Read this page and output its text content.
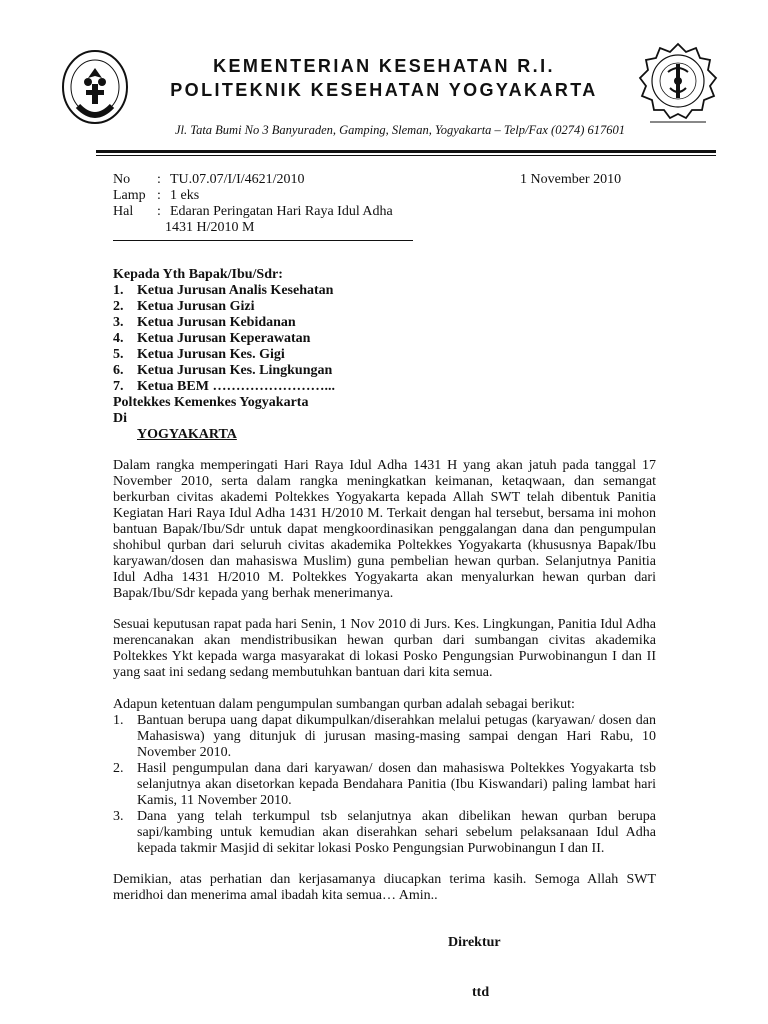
KEMENTERIAN KESEHATAN R.I.
POLITEKNIK KESEHATAN YOGYAKARTA
Jl. Tata Bumi No 3 Banyuraden, Gamping, Sleman, Yogyakarta – Telp/Fax (0274) 617601
No	: TU.07.07/I/I/4621/2010
Lamp : 1 eks
Hal	: Edaran Peringatan Hari Raya Idul Adha
1431 H/2010 M
1 November 2010
Kepada Yth Bapak/Ibu/Sdr:
1. Ketua Jurusan Analis Kesehatan
2. Ketua Jurusan Gizi
3. Ketua Jurusan Kebidanan
4. Ketua Jurusan Keperawatan
5. Ketua Jurusan Kes. Gigi
6. Ketua Jurusan Kes. Lingkungan
7. Ketua BEM ……………………...
Poltekkes Kemenkes Yogyakarta
Di
YOGYAKARTA

Dalam rangka memperingati Hari Raya Idul Adha 1431 H yang akan jatuh pada tanggal 17 November 2010, serta dalam rangka meningkatkan keimanan, ketaqwaan, dan semangat berkurban civitas akademi Poltekkes Yogyakarta kepada Allah SWT telah dibentuk Panitia Kegiatan Hari Raya Idul Adha 1431 H/2010 M. Terkait dengan hal tersebut, bersama ini mohon bantuan Bapak/Ibu/Sdr untuk dapat mengkoordinasikan penggalangan dana dan pengumpulan shohibul qurban dari seluruh civitas akademika Poltekkes Yogyakarta (khususnya Bapak/Ibu karyawan/dosen dan mahasiswa Muslim) guna pembelian hewan qurban. Selanjutnya Panitia Idul Adha 1431 H/2010 M. Poltekkes Yogyakarta akan menyalurkan hewan qurban dari Bapak/Ibu/Sdr kepada yang berhak menerimanya.

Sesuai keputusan rapat pada hari Senin, 1 Nov 2010 di Jurs. Kes. Lingkungan, Panitia Idul Adha merencanakan akan mendistribusikan hewan qurban dari sumbangan civitas akademika Poltekkes Ykt kepada warga masyarakat di lokasi Posko Pengungsian Purwobinangun I dan II yang saat ini sedang sedang membutuhkan bantuan dari kita semua.

Adapun ketentuan dalam pengumpulan sumbangan qurban adalah sebagai berikut:

1. Bantuan berupa uang dapat dikumpulkan/diserahkan melalui petugas (karyawan/ dosen dan Mahasiswa) yang ditunjuk di jurusan masing-masing sampai dengan Hari Rabu, 10 November 2010.
2. Hasil pengumpulan dana dari karyawan/ dosen dan mahasiswa Poltekkes Yogyakarta tsb selanjutnya akan disetorkan kepada Bendahara Panitia (Ibu Kiswandari) paling lambat hari Kamis, 11 November 2010.
3. Dana yang telah terkumpul tsb selanjutnya akan dibelikan hewan qurban berupa sapi/kambing untuk kemudian akan diserahkan sehari sebelum pelaksanaan Idul Adha kepada takmir Masjid di sekitar lokasi Posko Pengungsian Purwobinangun I dan II.

Demikian, atas perhatian dan kerjasamanya diucapkan terima kasih. Semoga Allah SWT meridhoi dan menerima amal ibadah kita semua… Amin..

Direktur
ttd
